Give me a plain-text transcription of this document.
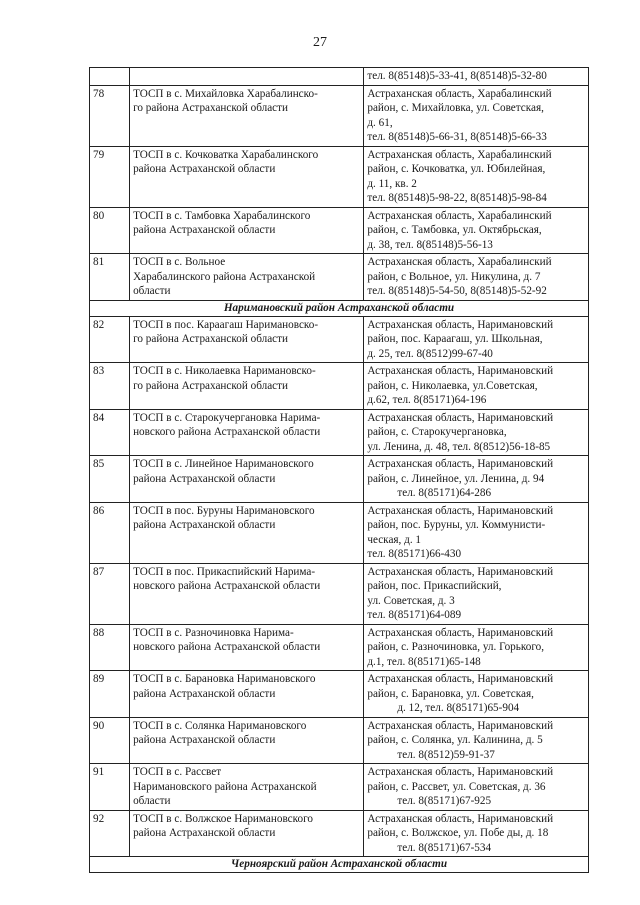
27

		тел. 8(85148)5-33-41, 8(85148)5-32-80

78	ТОСП в с. Михайловка Харабалинско-
го района Астраханской области	Астраханская область, Харабалинский
район, с. Михайловка, ул. Советская,
д. 61,
тел. 8(85148)5-66-31, 8(85148)5-66-33

79	ТОСП в с. Кочковатка Харабалинского
района Астраханской области	Астраханская область, Харабалинский
район, с. Кочковатка, ул. Юбилейная,
д. 11, кв. 2
тел. 8(85148)5-98-22, 8(85148)5-98-84

80	ТОСП в с. Тамбовка Харабалинского
района Астраханской области	Астраханская область, Харабалинский
район, с. Тамбовка, ул. Октябрьская,
д. 38, тел. 8(85148)5-56-13

81	ТОСП в с. Вольное
Харабалинского района Астраханской
области	Астраханская область, Харабалинский
район, с Вольное, ул. Никулина, д. 7
тел. 8(85148)5-54-50, 8(85148)5-52-92

Наримановский район Астраханской области		
82	ТОСП в пос. Караагаш Наримановско-
го района Астраханской области	Астраханская область, Наримановский
район, пос. Караагаш, ул. Школьная,
д. 25, тел. 8(8512)99-67-40

83	ТОСП в с. Николаевка Наримановско-
го района Астраханской области	Астраханская область, Наримановский
район, с. Николаевка, ул.Советская,
д.62, тел. 8(85171)64-196

84	ТОСП в с. Старокучергановка Нарима-
новского района Астраханской области	Астраханская область, Наримановский
район, с. Старокучергановка,
ул. Ленина, д. 48, тел. 8(8512)56-18-85

85	ТОСП в с. Линейное Наримановского
района Астраханской области	Астраханская область, Наримановский
район, с. Линейное, ул. Ленина, д. 94
тел. 8(85171)64-286

86	ТОСП в пос. Буруны Наримановского
района Астраханской области	Астраханская область, Наримановский
район, пос. Буруны, ул. Коммунисти-
ческая, д. 1
тел. 8(85171)66-430

87	ТОСП в пос. Прикаспийский Нарима-
новского района Астраханской области	Астраханская область, Наримановский
район, пос. Прикаспийский,
ул. Советская, д. 3
тел. 8(85171)64-089

88	ТОСП в с. Разночиновка Нарима-
новского района Астраханской области	Астраханская область, Наримановский
район, с. Разночиновка, ул. Горького,
д.1, тел. 8(85171)65-148

89	ТОСП в с. Барановка Наримановского
района Астраханской области	Астраханская область, Наримановский
район, с. Барановка, ул. Советская,
д. 12, тел. 8(85171)65-904

90	ТОСП в с. Солянка Наримановского
района Астраханской области	Астраханская область, Наримановский
район, с. Солянка, ул. Калинина, д. 5
тел. 8(8512)59-91-37

91	ТОСП в с. Рассвет
Наримановского района Астраханской
области	Астраханская область, Наримановский
район, с. Рассвет, ул. Советская, д. 36
тел. 8(85171)67-925

92	ТОСП в с. Волжское Наримановского
района Астраханской области	Астраханская область, Наримановский
район, с. Волжское, ул. Побе ды, д. 18
тел. 8(85171)67-534

Черноярский район Астраханской области		
